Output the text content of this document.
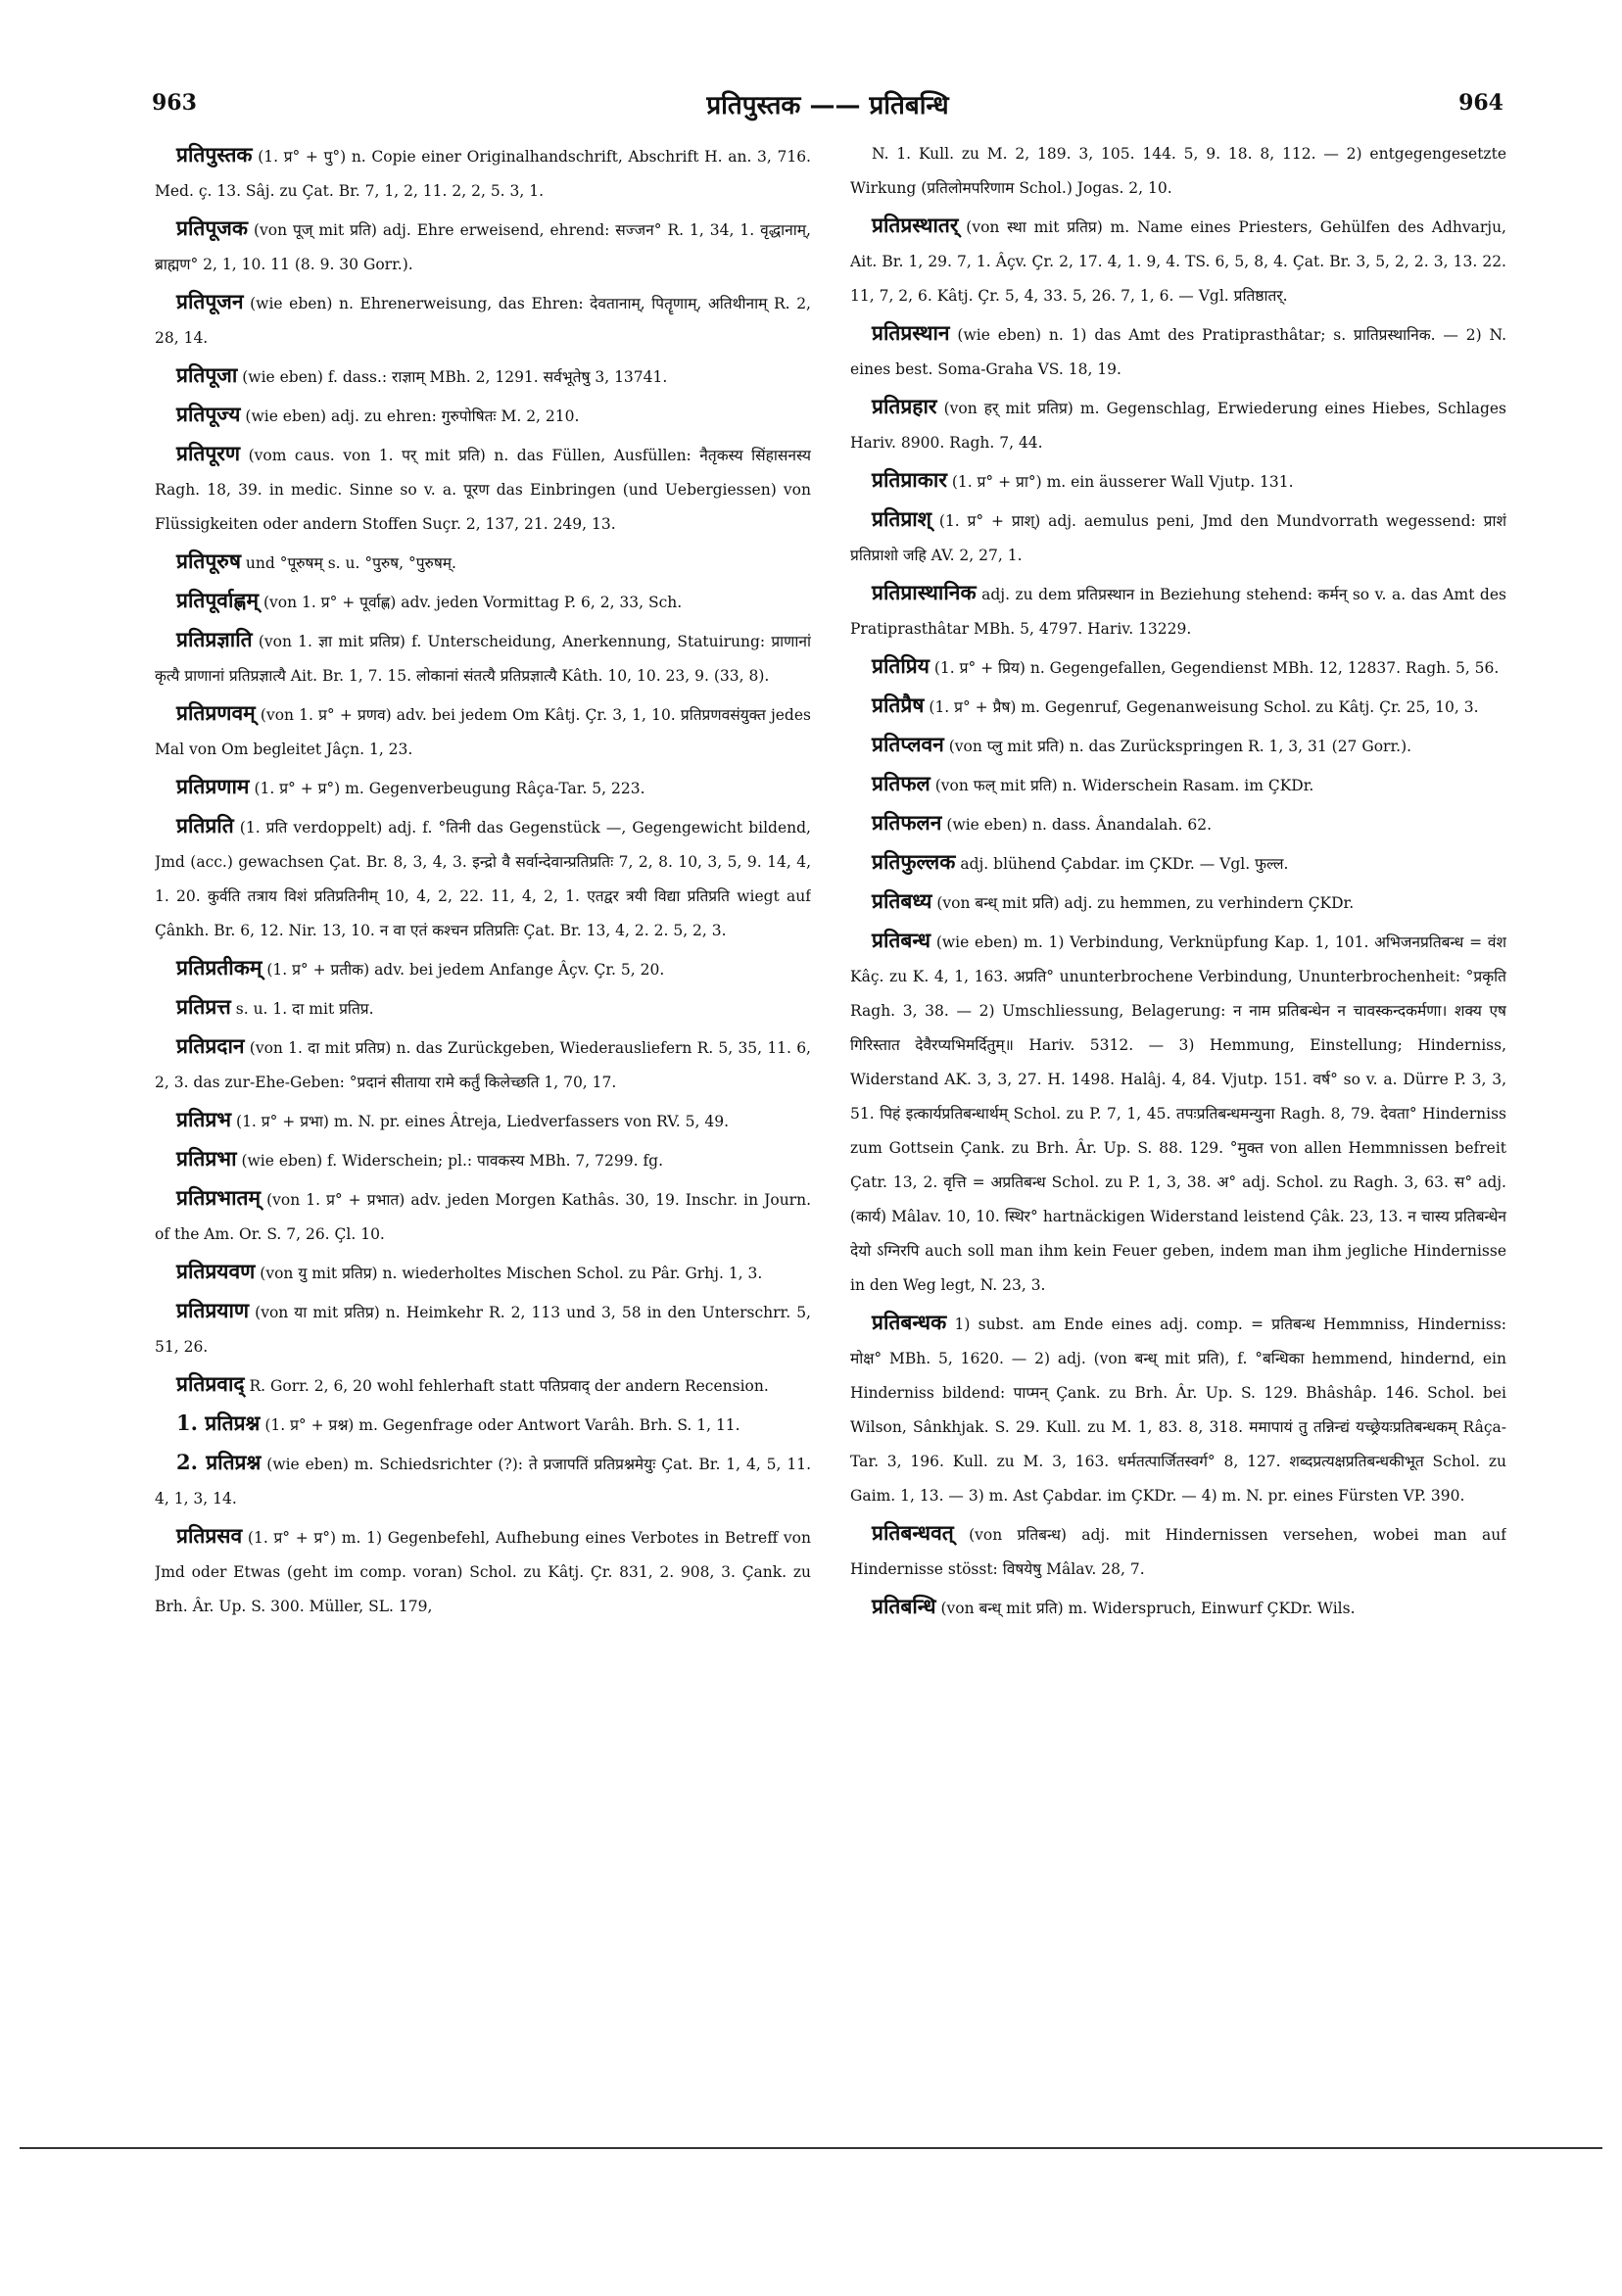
963	प्रतिपुस्तक —— प्रतिबन्धि	964

प्रतिपुस्तक (1. प्र° + पु°) n. Copie einer Originalhandschrift, Abschrift H. an. 3, 716. Med. ç. 13. Sâj. zu Çat. Br. 7, 1, 2, 11. 2, 2, 5. 3, 1.

प्रतिपूजक (von पूज् mit प्रति) adj. Ehre erweisend, ehrend: सज्जन° R. 1, 34, 1. वृद्धानाम्, ब्राह्मण° 2, 1, 10. 11 (8. 9. 30 Gorr.).

प्रतिपूजन (wie eben) n. Ehrenerweisung, das Ehren: देवतानाम्, पितॄणाम्, अतिथीनाम् R. 2, 28, 14.

प्रतिपूजा (wie eben) f. dass.: राज्ञाम् MBh. 2, 1291. सर्वभूतेषु 3, 13741.

प्रतिपूज्य (wie eben) adj. zu ehren: गुरुपोषितः M. 2, 210.

प्रतिपूरण (vom caus. von 1. पर् mit प्रति) n. das Füllen, Ausfüllen: नैतृकस्य सिंहासनस्य Ragh. 18, 39. in medic. Sinne so v. a. पूरण das Einbringen (und Uebergiessen) von Flüssigkeiten oder andern Stoffen Suçr. 2, 137, 21. 249, 13.

प्रतिपूरुष und °पूरुषम् s. u. °पुरुष, °पुरुषम्.

प्रतिपूर्वाह्णम् (von 1. प्र° + पूर्वाह्ण) adv. jeden Vormittag P. 6, 2, 33, Sch.

प्रतिप्रज्ञाति (von 1. ज्ञा mit प्रतिप्र) f. Unterscheidung, Anerkennung, Statuirung: प्राणानां कृत्यै प्राणानां प्रतिप्रज्ञात्यै Ait. Br. 1, 7. 15. लोकानां संतत्यै प्रतिप्रज्ञात्यै Kâth. 10, 10. 23, 9. (33, 8).

प्रतिप्रणवम् (von 1. प्र° + प्रणव) adv. bei jedem Om Kâtj. Çr. 3, 1, 10. प्रतिप्रणवसंयुक्त jedes Mal von Om begleitet Jâçn. 1, 23.

प्रतिप्रणाम (1. प्र° + प्र°) m. Gegenverbeugung Râça-Tar. 5, 223.

प्रतिप्रति (1. प्रति verdoppelt) adj. f. °तिनी das Gegenstück —, Gegengewicht bildend, Jmd (acc.) gewachsen Çat. Br. 8, 3, 4, 3. इन्द्रो वै सर्वान्देवान्प्रतिप्रतिः 7, 2, 8. 10, 3, 5, 9. 14, 4, 1. 20. कुर्वति तत्राय विशं प्रतिप्रतिनीम् 10, 4, 2, 22. 11, 4, 2, 1. एतद्वर त्रयी विद्या प्रतिप्रति wiegt auf Çânkh. Br. 6, 12. Nir. 13, 10. न वा एतं कश्चन प्रतिप्रतिः Çat. Br. 13, 4, 2. 2. 5, 2, 3.

प्रतिप्रतीकम् (1. प्र° + प्रतीक) adv. bei jedem Anfange Âçv. Çr. 5, 20.

प्रतिप्रत्त s. u. 1. दा mit प्रतिप्र.

प्रतिप्रदान (von 1. दा mit प्रतिप्र) n. das Zurückgeben, Wiederausliefern R. 5, 35, 11. 6, 2, 3. das zur-Ehe-Geben: °प्रदानं सीताया रामे कर्तुं किलेच्छति 1, 70, 17.

प्रतिप्रभ (1. प्र° + प्रभा) m. N. pr. eines Âtreja, Liedverfassers von RV. 5, 49.

प्रतिप्रभा (wie eben) f. Widerschein; pl.: पावकस्य MBh. 7, 7299. fg.

प्रतिप्रभातम् (von 1. प्र° + प्रभात) adv. jeden Morgen Kathâs. 30, 19. Inschr. in Journ. of the Am. Or. S. 7, 26. Çl. 10.

प्रतिप्रयवण (von यु mit प्रतिप्र) n. wiederholtes Mischen Schol. zu Pâr. Grhj. 1, 3.

प्रतिप्रयाण (von या mit प्रतिप्र) n. Heimkehr R. 2, 113 und 3, 58 in den Unterschrr. 5, 51, 26.

प्रतिप्रवाद् R. Gorr. 2, 6, 20 wohl fehlerhaft statt पतिप्रवाद् der andern Recension.

1. प्रतिप्रश्न (1. प्र° + प्रश्न) m. Gegenfrage oder Antwort Varâh. Brh. S. 1, 11.

2. प्रतिप्रश्न (wie eben) m. Schiedsrichter (?): ते प्रजापतिं प्रतिप्रश्नमेयुः Çat. Br. 1, 4, 5, 11. 4, 1, 3, 14.

प्रतिप्रसव (1. प्र° + प्र°) m. 1) Gegenbefehl, Aufhebung eines Verbotes in Betreff von Jmd oder Etwas (geht im comp. voran) Schol. zu Kâtj. Çr. 831, 2. 908, 3. Çank. zu Brh. Âr. Up. S. 300. Müller, SL. 179,

N. 1. Kull. zu M. 2, 189. 3, 105. 144. 5, 9. 18. 8, 112. — 2) entgegengesetzte Wirkung (प्रतिलोमपरिणाम Schol.) Jogas. 2, 10.

प्रतिप्रस्थातर् (von स्था mit प्रतिप्र) m. Name eines Priesters, Gehülfen des Adhvarju, Ait. Br. 1, 29. 7, 1. Âçv. Çr. 2, 17. 4, 1. 9, 4. TS. 6, 5, 8, 4. Çat. Br. 3, 5, 2, 2. 3, 13. 22. 11, 7, 2, 6. Kâtj. Çr. 5, 4, 33. 5, 26. 7, 1, 6. — Vgl. प्रतिष्ठातर्.

प्रतिप्रस्थान (wie eben) n. 1) das Amt des Pratiprasthâtar; s. प्रातिप्रस्थानिक. — 2) N. eines best. Soma-Graha VS. 18, 19.

प्रतिप्रहार (von हर् mit प्रतिप्र) m. Gegenschlag, Erwiederung eines Hiebes, Schlages Hariv. 8900. Ragh. 7, 44.

प्रतिप्राकार (1. प्र° + प्रा°) m. ein äusserer Wall Vjutp. 131.

प्रतिप्राश् (1. प्र° + प्राश्) adj. aemulus peni, Jmd den Mundvorrath wegessend: प्राशं प्रतिप्राशो जहि AV. 2, 27, 1.

प्रतिप्रास्थानिक adj. zu dem प्रतिप्रस्थान in Beziehung stehend: कर्मन् so v. a. das Amt des Pratiprasthâtar MBh. 5, 4797. Hariv. 13229.

प्रतिप्रिय (1. प्र° + प्रिय) n. Gegengefallen, Gegendienst MBh. 12, 12837. Ragh. 5, 56.

प्रतिप्रैष (1. प्र° + प्रैष) m. Gegenruf, Gegenanweisung Schol. zu Kâtj. Çr. 25, 10, 3.

प्रतिप्लवन (von प्लु mit प्रति) n. das Zurückspringen R. 1, 3, 31 (27 Gorr.).

प्रतिफल (von फल् mit प्रति) n. Widerschein Rasam. im ÇKDr.

प्रतिफलन (wie eben) n. dass. Ânandalah. 62.

प्रतिफुल्लक adj. blühend Çabdar. im ÇKDr. — Vgl. फुल्ल.

प्रतिबध्य (von बन्ध् mit प्रति) adj. zu hemmen, zu verhindern ÇKDr.

प्रतिबन्ध (wie eben) m. 1) Verbindung, Verknüpfung Kap. 1, 101. अभिजनप्रतिबन्ध = वंश Kâç. zu K. 4, 1, 163. अप्रति° ununterbrochene Verbindung, Ununterbrochenheit: °प्रकृति Ragh. 3, 38. — 2) Umschliessung, Belagerung: न नाम प्रतिबन्धेन न चावस्कन्दकर्मणा। शक्य एष गिरिस्तात देवैरप्यभिमर्दितुम्॥ Hariv. 5312. — 3) Hemmung, Einstellung; Hinderniss, Widerstand AK. 3, 3, 27. H. 1498. Halâj. 4, 84. Vjutp. 151. वर्ष° so v. a. Dürre P. 3, 3, 51. पिहं इत्कार्यप्रतिबन्धार्थम् Schol. zu P. 7, 1, 45. तपःप्रतिबन्धमन्युना Ragh. 8, 79. देवता° Hinderniss zum Gottsein Çank. zu Brh. Âr. Up. S. 88. 129. °मुक्त von allen Hemmnissen befreit Çatr. 13, 2. वृत्ति = अप्रतिबन्ध Schol. zu P. 1, 3, 38. अ° adj. Schol. zu Ragh. 3, 63. स° adj. (कार्य) Mâlav. 10, 10. स्थिर° hartnäckigen Widerstand leistend Çâk. 23, 13. न चास्य प्रतिबन्धेन देयो ऽग्निरपि auch soll man ihm kein Feuer geben, indem man ihm jegliche Hindernisse in den Weg legt, N. 23, 3.

प्रतिबन्धक 1) subst. am Ende eines adj. comp. = प्रतिबन्ध Hemmniss, Hinderniss: मोक्ष° MBh. 5, 1620. — 2) adj. (von बन्ध् mit प्रति), f. °बन्धिका hemmend, hindernd, ein Hinderniss bildend: पाप्मन् Çank. zu Brh. Âr. Up. S. 129. Bhâshâp. 146. Schol. bei Wilson, Sânkhjak. S. 29. Kull. zu M. 1, 83. 8, 318. ममापायं तु तन्निन्द्यं यच्छ्रेयःप्रतिबन्धकम् Râça-Tar. 3, 196. Kull. zu M. 3, 163. धर्मतत्पार्जितस्वर्ग° 8, 127. शब्दप्रत्यक्षप्रतिबन्धकीभूत Schol. zu Gaim. 1, 13. — 3) m. Ast Çabdar. im ÇKDr. — 4) m. N. pr. eines Fürsten VP. 390.

प्रतिबन्धवत् (von प्रतिबन्ध) adj. mit Hindernissen versehen, wobei man auf Hindernisse stösst: विषयेषु Mâlav. 28, 7.

प्रतिबन्धि (von बन्ध् mit प्रति) m. Widerspruch, Einwurf ÇKDr. Wils.
